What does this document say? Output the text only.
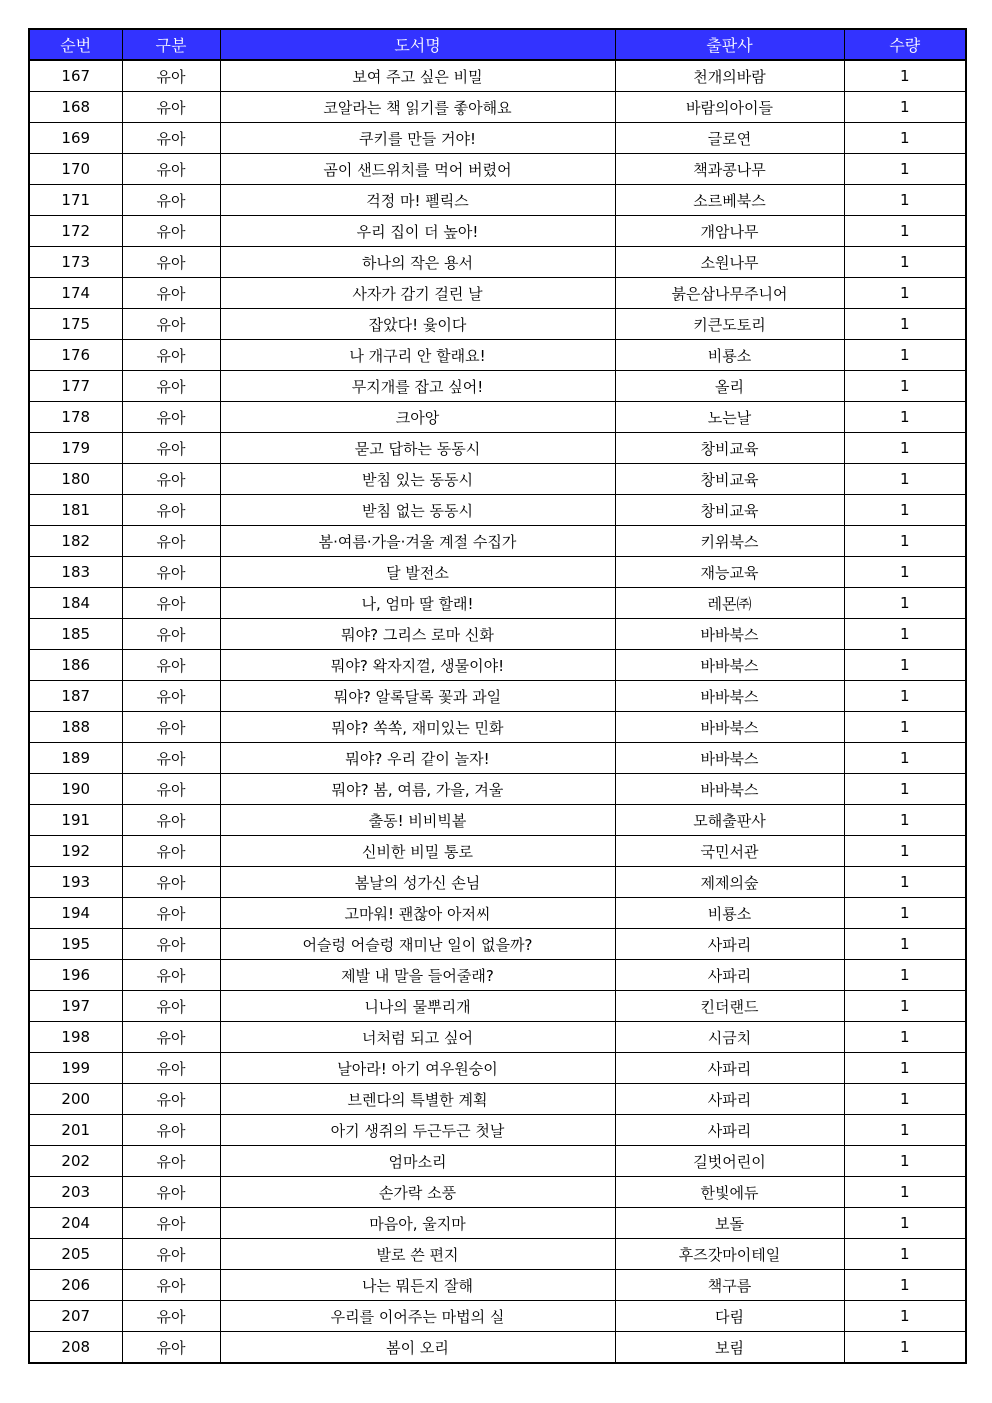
순번	구분	도서명	출판사	수량
167	유아	보여 주고 싶은 비밀	천개의바람	1
168	유아	코알라는 책 읽기를 좋아해요	바람의아이들	1
169	유아	쿠키를 만들 거야!	글로연	1
170	유아	곰이 샌드위치를 먹어 버렸어	책과콩나무	1
171	유아	걱정 마! 펠릭스	소르베북스	1
172	유아	우리 집이 더 높아!	개암나무	1
173	유아	하나의 작은 용서	소원나무	1
174	유아	사자가 감기 걸린 날	붉은삼나무주니어	1
175	유아	잡았다! 윷이다	키큰도토리	1
176	유아	나 개구리 안 할래요!	비룡소	1
177	유아	무지개를 잡고 싶어!	올리	1
178	유아	크아앙	노는날	1
179	유아	묻고 답하는 동동시	창비교육	1
180	유아	받침 있는 동동시	창비교육	1
181	유아	받침 없는 동동시	창비교육	1
182	유아	봄·여름·가을·겨울 계절 수집가	키위북스	1
183	유아	달 발전소	재능교육	1
184	유아	나, 엄마 딸 할래!	레몬㈜	1
185	유아	뭐야? 그리스 로마 신화	바바북스	1
186	유아	뭐야? 왁자지껄, 생물이야!	바바북스	1
187	유아	뭐야? 알록달록 꽃과 과일	바바북스	1
188	유아	뭐야? 쏙쏙, 재미있는 민화	바바북스	1
189	유아	뭐야? 우리 같이 놀자!	바바북스	1
190	유아	뭐야? 봄, 여름, 가을, 겨울	바바북스	1
191	유아	출동! 비비빅봍	모해출판사	1
192	유아	신비한 비밀 통로	국민서관	1
193	유아	봄날의 성가신 손님	제제의숲	1
194	유아	고마워! 괜찮아 아저씨	비룡소	1
195	유아	어슬렁 어슬렁 재미난 일이 없을까?	사파리	1
196	유아	제발 내 말을 들어줄래?	사파리	1
197	유아	니나의 물뿌리개	킨더랜드	1
198	유아	너처럼 되고 싶어	시금치	1
199	유아	날아라! 아기 여우원숭이	사파리	1
200	유아	브렌다의 특별한 계획	사파리	1
201	유아	아기 생쥐의 두근두근 첫날	사파리	1
202	유아	엄마소리	길벗어린이	1
203	유아	손가락 소풍	한빛에듀	1
204	유아	마음아, 울지마	보돌	1
205	유아	발로 쓴 편지	후즈갓마이테일	1
206	유아	나는 뭐든지 잘해	책구름	1
207	유아	우리를 이어주는 마법의 실	다림	1
208	유아	봄이 오리	보림	1
